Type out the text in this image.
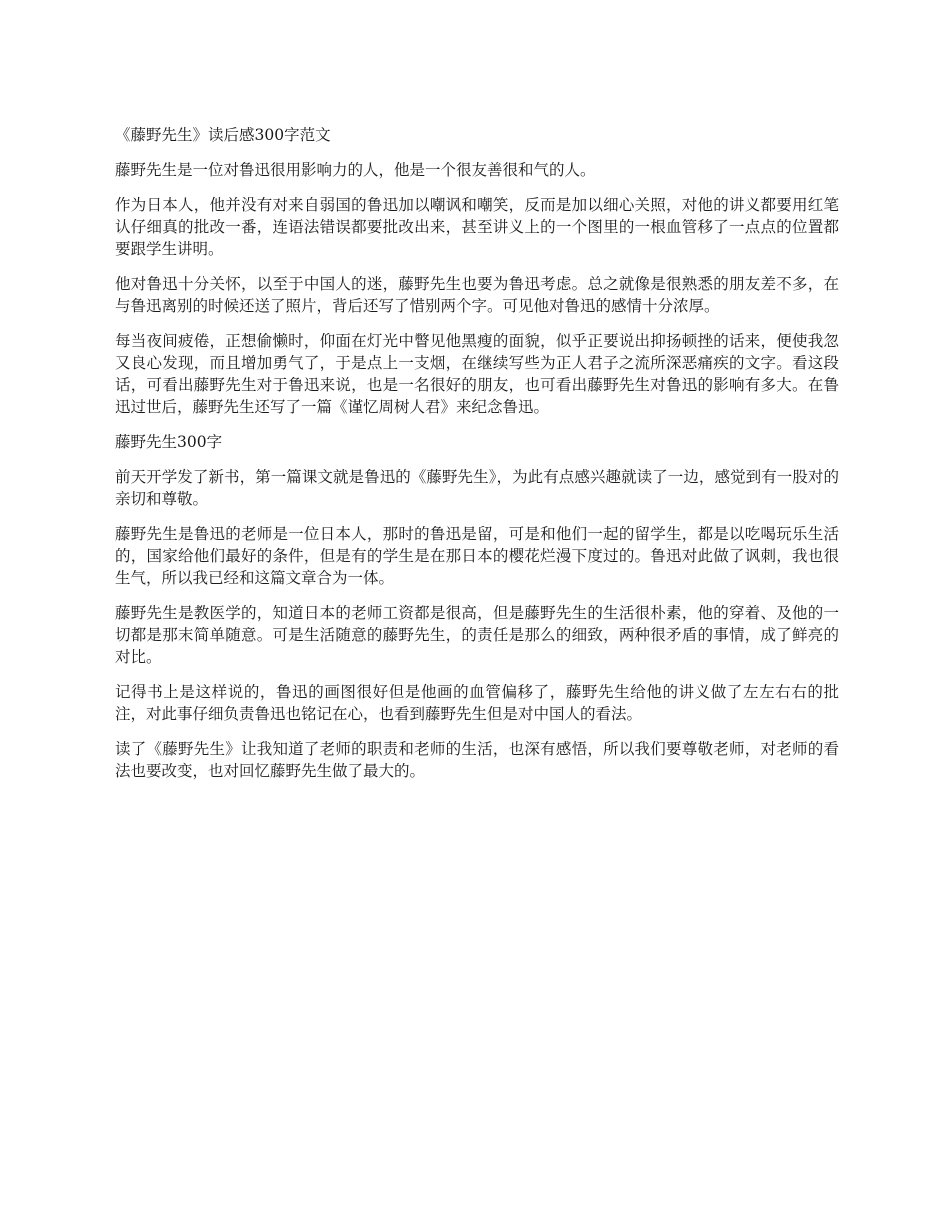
《藤野先生》读后感300字范文

藤野先生是一位对鲁迅很用影响力的人，他是一个很友善很和气的人。

作为日本人，他并没有对来自弱国的鲁迅加以嘲讽和嘲笑，反而是加以细心关照，对他的讲义都要用红笔认仔细真的批改一番，连语法错误都要批改出来，甚至讲义上的一个图里的一根血管移了一点点的位置都要跟学生讲明。

他对鲁迅十分关怀，以至于中国人的迷，藤野先生也要为鲁迅考虑。总之就像是很熟悉的朋友差不多，在与鲁迅离别的时候还送了照片，背后还写了惜别两个字。可见他对鲁迅的感情十分浓厚。

每当夜间疲倦，正想偷懒时，仰面在灯光中瞥见他黑瘦的面貌，似乎正要说出抑扬顿挫的话来，便使我忽又良心发现，而且增加勇气了，于是点上一支烟，在继续写些为正人君子之流所深恶痛疾的文字。看这段话，可看出藤野先生对于鲁迅来说，也是一名很好的朋友，也可看出藤野先生对鲁迅的影响有多大。在鲁迅过世后，藤野先生还写了一篇《谨忆周树人君》来纪念鲁迅。

藤野先生300字

前天开学发了新书，第一篇课文就是鲁迅的《藤野先生》，为此有点感兴趣就读了一边，感觉到有一股对的亲切和尊敬。

藤野先生是鲁迅的老师是一位日本人，那时的鲁迅是留，可是和他们一起的留学生，都是以吃喝玩乐生活的，国家给他们最好的条件，但是有的学生是在那日本的樱花烂漫下度过的。鲁迅对此做了讽刺，我也很生气，所以我已经和这篇文章合为一体。

藤野先生是教医学的，知道日本的老师工资都是很高，但是藤野先生的生活很朴素，他的穿着、及他的一切都是那末简单随意。可是生活随意的藤野先生，的责任是那么的细致，两种很矛盾的事情，成了鲜亮的对比。

记得书上是这样说的，鲁迅的画图很好但是他画的血管偏移了，藤野先生给他的讲义做了左左右右的批注，对此事仔细负责鲁迅也铭记在心，也看到藤野先生但是对中国人的看法。

读了《藤野先生》让我知道了老师的职责和老师的生活，也深有感悟，所以我们要尊敬老师，对老师的看法也要改变，也对回忆藤野先生做了最大的。
